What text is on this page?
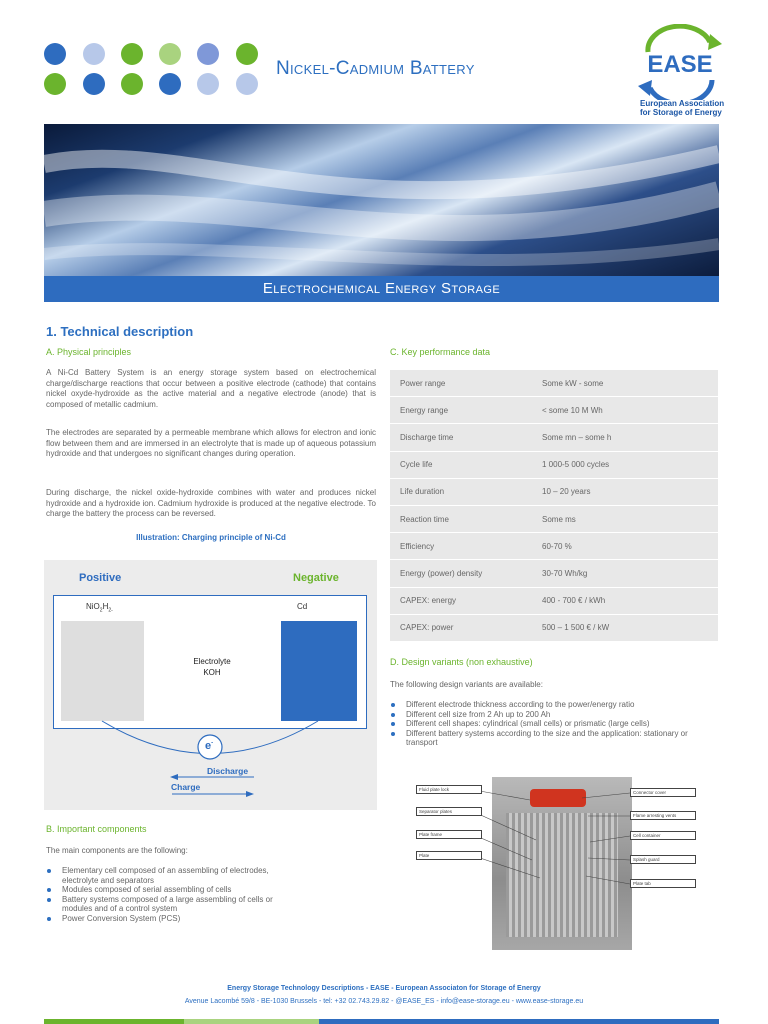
Nickel-Cadmium Battery	EASE
European Association
for Storage of Energy
Electrochemical Energy Storage
1. Technical description
A. Physical principles
A Ni-Cd Battery System is an energy storage system based on electrochemical charge/discharge reactions that occur between a positive electrode (cathode) that contains nickel oxyde-hydroxide as the active material and a negative electrode (anode) that is composed of metallic cadmium.
The electrodes are separated by a permeable membrane which allows for electron and ionic flow between them and are immersed in an electrolyte that is made up of aqueous potassium hydroxide and that undergoes no significant changes during operation.
During discharge, the nickel oxide-hydroxide combines with water and produces nickel hydroxide and a hydroxide ion. Cadmium hydroxide is produced at the negative electrode. To charge the battery the process can be reversed.
Illustration: Charging principle of Ni-Cd
Positive	Negative
$NiO_2H_{2-}$	Cd
Electrolyte
KOH
e-
Discharge
Charge
B. Important components
The main components are the following:
Elementary cell composed of an assembling of electrodes, electrolyte and separators
Modules composed of serial assembling of cells
Battery systems composed of a large assembling of cells or modules and of a control system
Power Conversion System (PCS)
C. Key performance data
Power range	Some kW - some
Energy range	< some 10 M Wh
Discharge time	Some mn – some h
Cycle life	1 000-5 000 cycles
Life duration	10 – 20 years
Reaction time	Some ms
Efficiency	60-70 %
Energy (power) density	30-70 Wh/kg
CAPEX: energy	400 - 700 € / kWh
CAPEX: power	500 – 1 500 € / kW
D. Design variants (non exhaustive)
The following design variants are available:
Different electrode thickness according to the power/energy ratio
Different cell size from 2 Ah up to 200 Ah
Different cell shapes: cylindrical (small cells) or prismatic (large cells)
Different battery systems according to the size and the application: stationary or transport
Fluid plate lock
Separator plates
Plate frame
Plate
Connector cover
Flame arresting vents
Cell container
Splash guard
Plate tab
Energy Storage Technology Descriptions - EASE - European Associaton for Storage of Energy
Avenue Lacombé 59/8 - BE-1030 Brussels - tel: +32 02.743.29.82 - @EASE_ES - info@ease-storage.eu - www.ease-storage.eu
